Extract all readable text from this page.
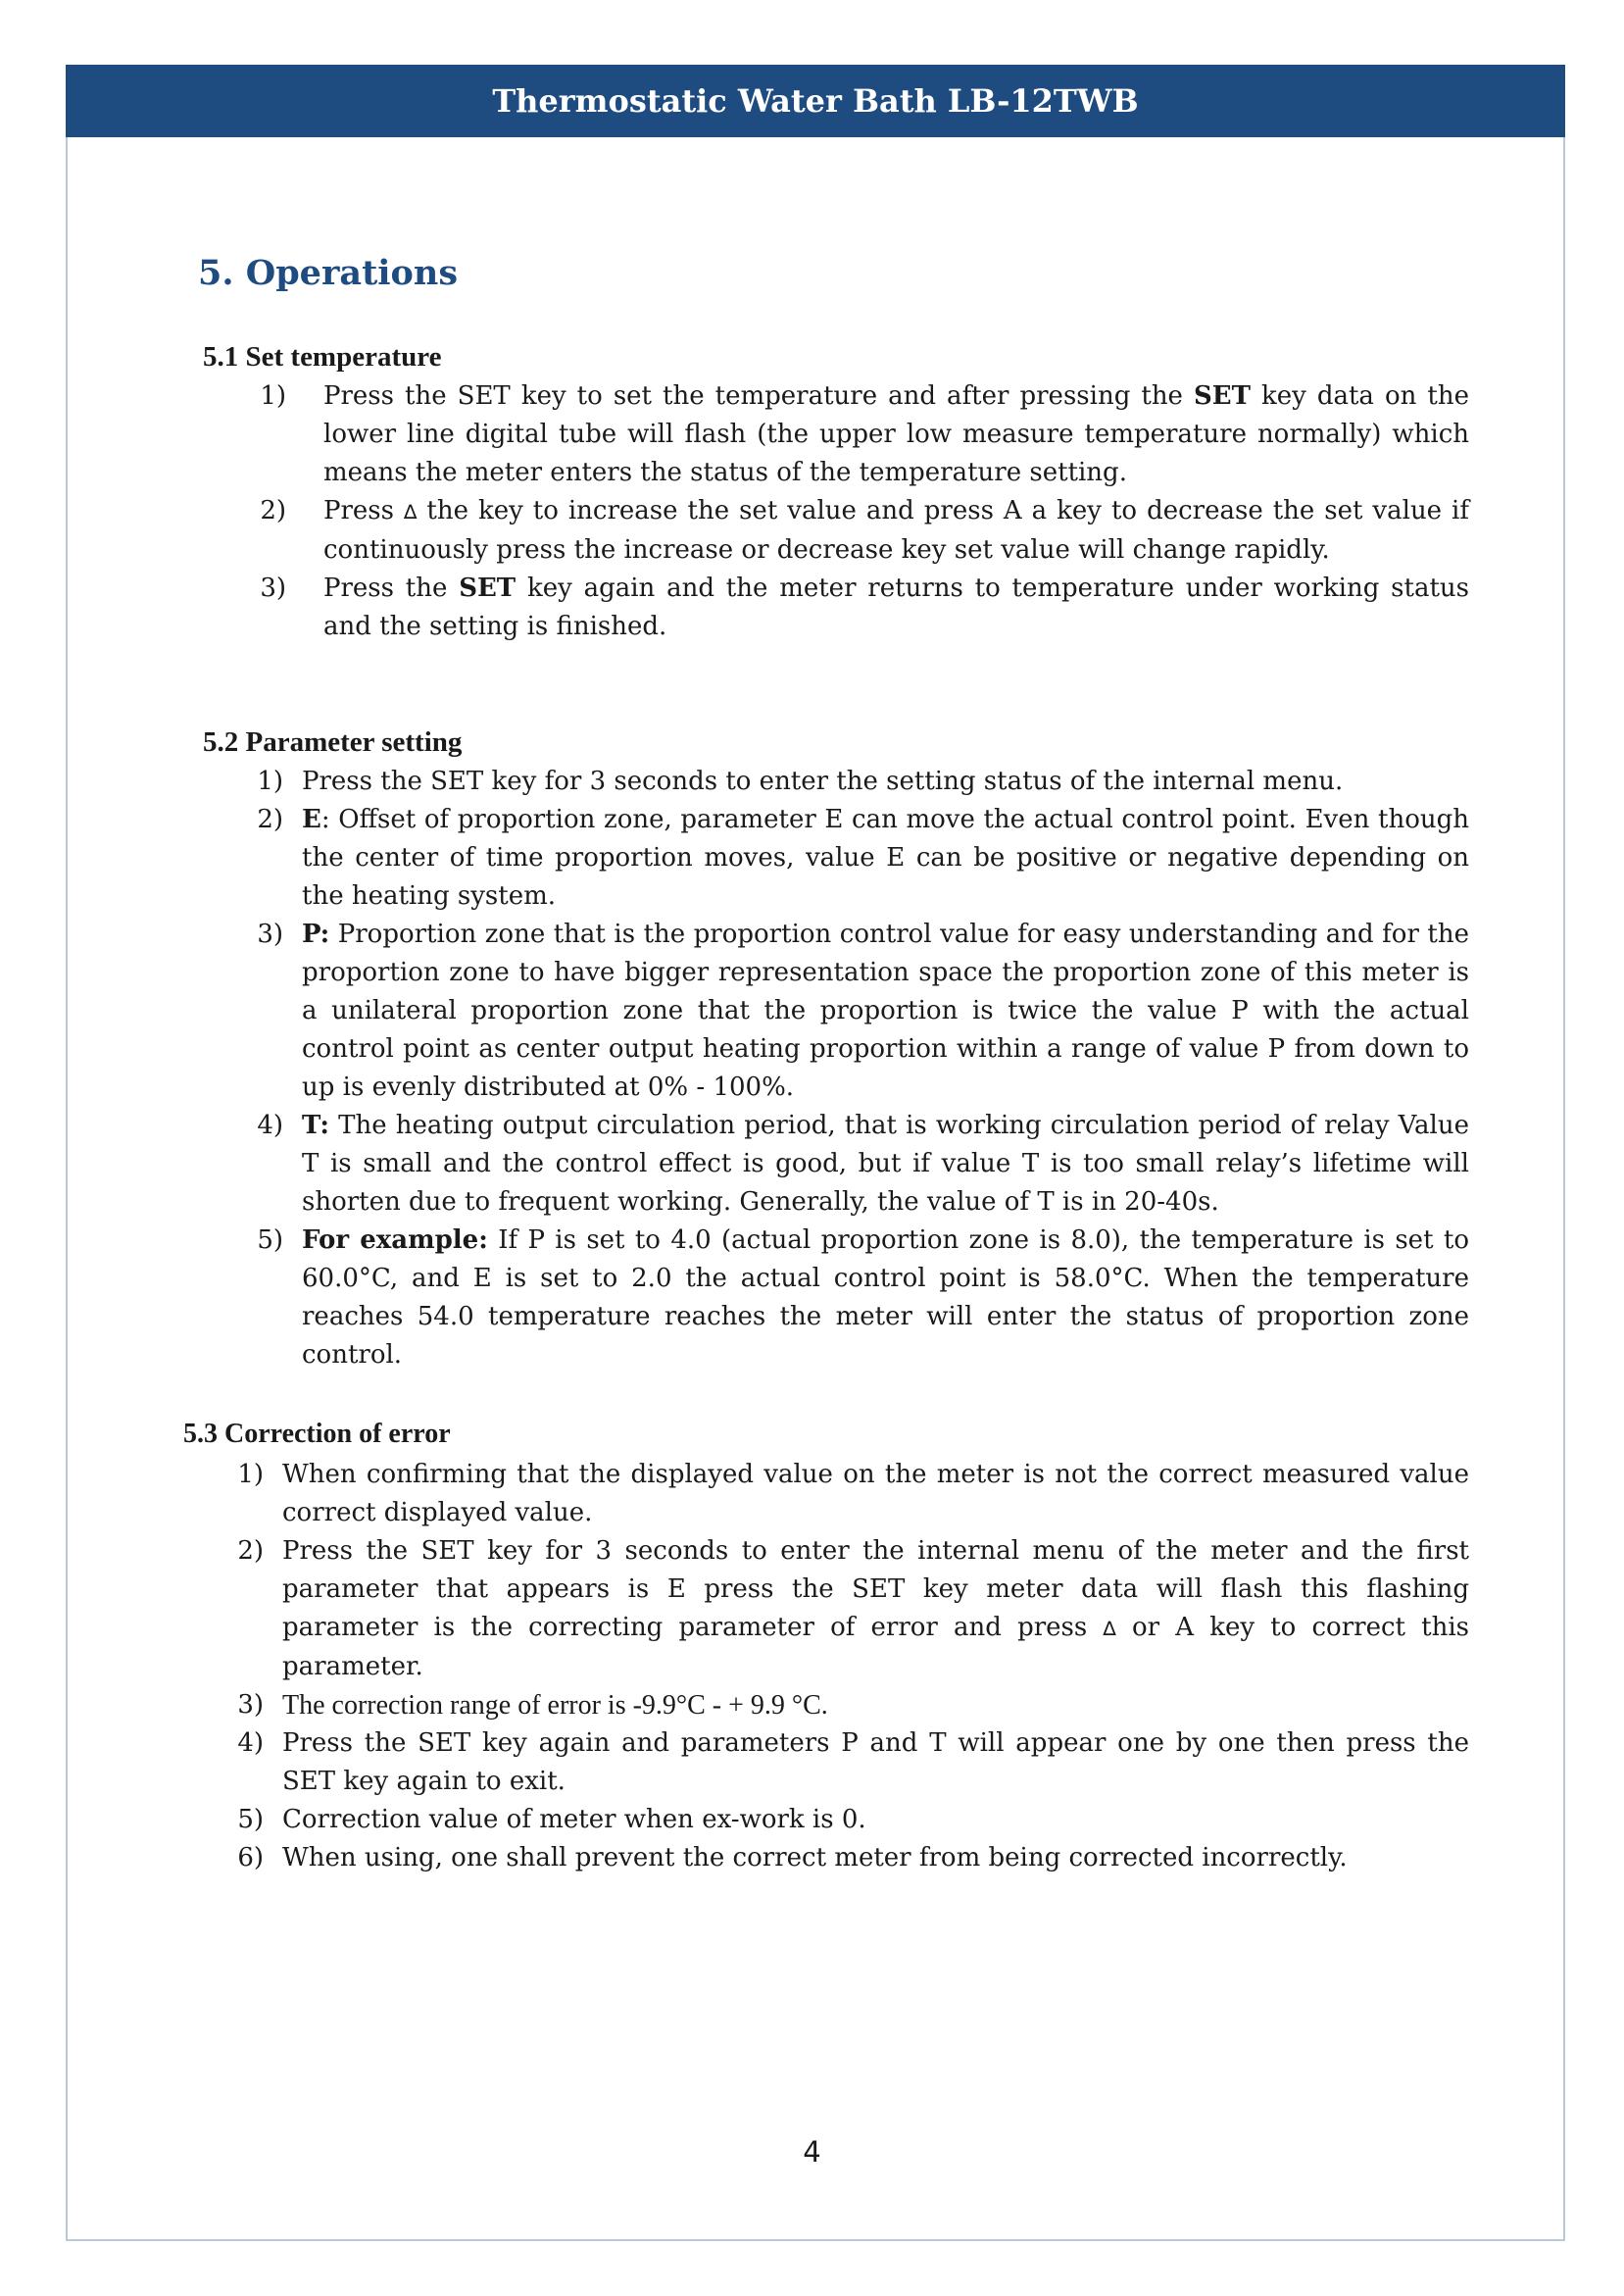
Thermostatic Water Bath LB-12TWB
5. Operations
5.1 Set temperature
1) Press the SET key to set the temperature and after pressing the SET key data on the lower line digital tube will flash (the upper low measure temperature normally) which means the meter enters the status of the temperature setting.
2) Press ∆ the key to increase the set value and press A a key to decrease the set value if continuously press the increase or decrease key set value will change rapidly.
3) Press the SET key again and the meter returns to temperature under working status and the setting is finished.
5.2 Parameter setting
1) Press the SET key for 3 seconds to enter the setting status of the internal menu.
2) E: Offset of proportion zone, parameter E can move the actual control point. Even though the center of time proportion moves, value E can be positive or negative depending on the heating system.
3) P: Proportion zone that is the proportion control value for easy understanding and for the proportion zone to have bigger representation space the proportion zone of this meter is a unilateral proportion zone that the proportion is twice the value P with the actual control point as center output heating proportion within a range of value P from down to up is evenly distributed at 0% - 100%.
4) T: The heating output circulation period, that is working circulation period of relay Value T is small and the control effect is good, but if value T is too small relay’s lifetime will shorten due to frequent working. Generally, the value of T is in 20-40s.
5) For example: If P is set to 4.0 (actual proportion zone is 8.0), the temperature is set to 60.0°C, and E is set to 2.0 the actual control point is 58.0°C. When the temperature reaches 54.0 temperature reaches the meter will enter the status of proportion zone control.
5.3 Correction of error
1) When confirming that the displayed value on the meter is not the correct measured value correct displayed value.
2) Press the SET key for 3 seconds to enter the internal menu of the meter and the first parameter that appears is E press the SET key meter data will flash this flashing parameter is the correcting parameter of error and press ∆ or A key to correct this parameter.
3) The correction range of error is -9.9°C - + 9.9 °C.
4) Press the SET key again and parameters P and T will appear one by one then press the SET key again to exit.
5) Correction value of meter when ex-work is 0.
6) When using, one shall prevent the correct meter from being corrected incorrectly.
4
